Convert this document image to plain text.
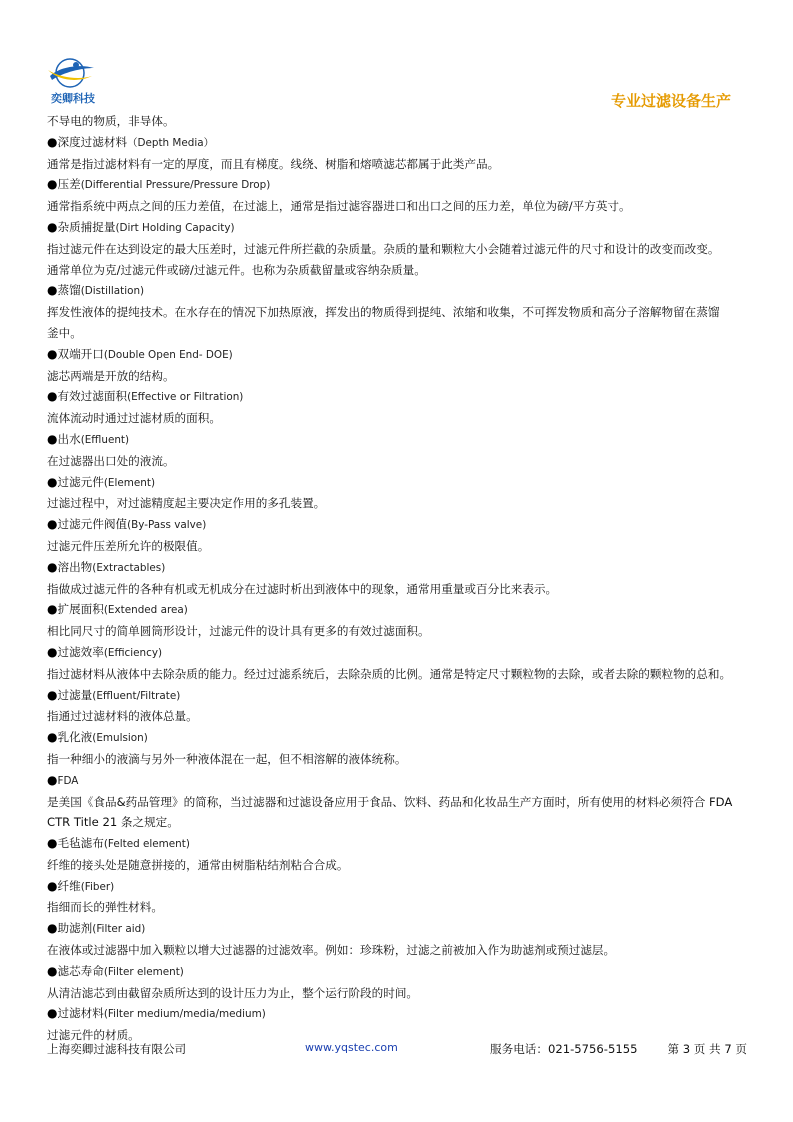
奕卿科技	专业过滤设备生产
不导电的物质，非导体。
●深度过滤材料（Depth Media）
通常是指过滤材料有一定的厚度，而且有梯度。线绕、树脂和熔喷滤芯都属于此类产品。
●压差(Differential Pressure/Pressure Drop)
通常指系统中两点之间的压力差值，在过滤上，通常是指过滤容器进口和出口之间的压力差，单位为磅/平方英寸。
●杂质捕捉量(Dirt Holding Capacity)
指过滤元件在达到设定的最大压差时，过滤元件所拦截的杂质量。杂质的量和颗粒大小会随着过滤元件的尺寸和设计的改变而改变。
通常单位为克/过滤元件或磅/过滤元件。也称为杂质截留量或容纳杂质量。
●蒸馏(Distillation)
挥发性液体的提纯技术。在水存在的情况下加热原液，挥发出的物质得到提纯、浓缩和收集，不可挥发物质和高分子溶解物留在蒸馏
釜中。
●双端开口(Double Open End- DOE)
滤芯两端是开放的结构。
●有效过滤面积(Effective or Filtration)
流体流动时通过过滤材质的面积。
●出水(Effluent)
在过滤器出口处的液流。
●过滤元件(Element)
过滤过程中，对过滤精度起主要决定作用的多孔装置。
●过滤元件阀值(By-Pass valve)
过滤元件压差所允许的极限值。
●溶出物(Extractables)
指做成过滤元件的各种有机或无机成分在过滤时析出到液体中的现象，通常用重量或百分比来表示。
●扩展面积(Extended area)
相比同尺寸的简单圆筒形设计，过滤元件的设计具有更多的有效过滤面积。
●过滤效率(Efficiency)
指过滤材料从液体中去除杂质的能力。经过过滤系统后，去除杂质的比例。通常是特定尺寸颗粒物的去除，或者去除的颗粒物的总和。
●过滤量(Effluent/Filtrate)
指通过过滤材料的液体总量。
●乳化液(Emulsion)
指一种细小的液滴与另外一种液体混在一起，但不相溶解的液体统称。
●FDA
是美国《食品&药品管理》的简称，当过滤器和过滤设备应用于食品、饮料、药品和化妆品生产方面时，所有使用的材料必须符合 FDA
CTR Title 21 条之规定。
●毛毡滤布(Felted element)
纤维的接头处是随意拼接的，通常由树脂粘结剂粘合合成。
●纤维(Fiber)
指细而长的弹性材料。
●助滤剂(Filter aid)
在液体或过滤器中加入颗粒以增大过滤器的过滤效率。例如：珍珠粉，过滤之前被加入作为助滤剂或预过滤层。
●滤芯寿命(Filter element)
从清洁滤芯到由截留杂质所达到的设计压力为止，整个运行阶段的时间。
●过滤材料(Filter medium/media/medium)
过滤元件的材质。
上海奕卿过滤科技有限公司	www.yqstec.com	服务电话：021-5756-5155	第 3 页 共 7 页
